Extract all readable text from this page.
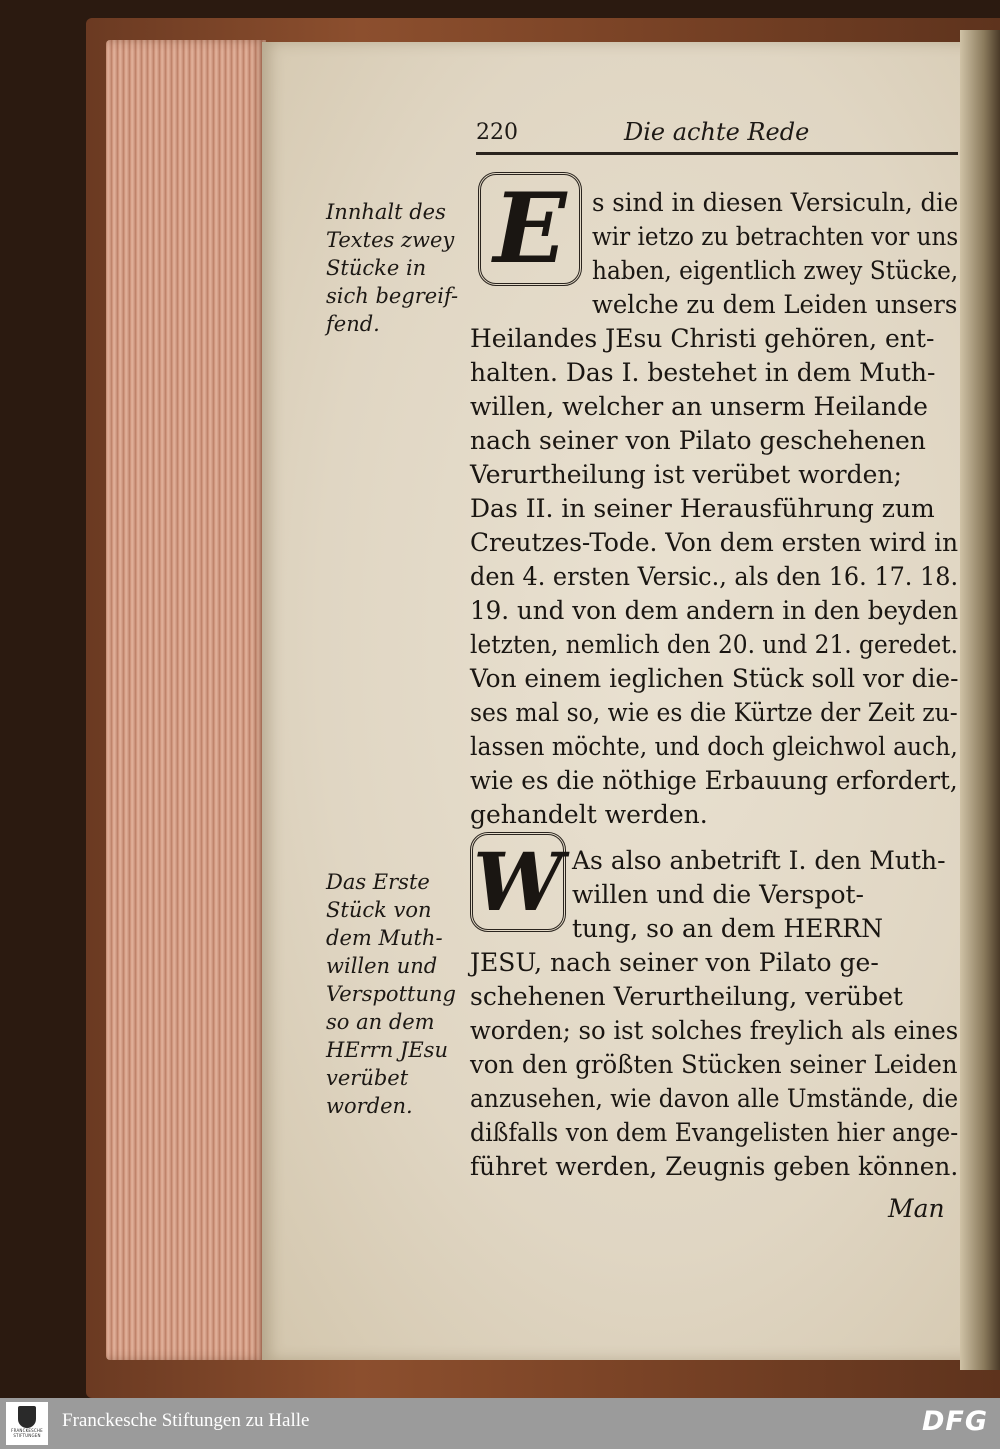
220	Die achte Rede
Innhalt des
Textes zwey
Stücke in
sich begreif-
fend.
Das Erste
Stück von
dem Muth-
willen und
Verspottung
so an dem
HErrn JEsu
verübet
worden.
E	s sind in diesen Versiculn, die
wir ietzo zu betrachten vor uns
haben, eigentlich zwey Stücke,
welche zu dem Leiden unsers
Heilandes JEsu Christi gehören, ent-
halten. Das I. bestehet in dem Muth-
willen, welcher an unserm Heilande
nach seiner von Pilato geschehenen
Verurtheilung ist verübet worden;
Das II. in seiner Herausführung zum
Creutzes-Tode. Von dem ersten wird in
den 4. ersten Versic., als den 16. 17. 18.
19. und von dem andern in den beyden
letzten, nemlich den 20. und 21. geredet.
Von einem ieglichen Stück soll vor die-
ses mal so, wie es die Kürtze der Zeit zu-
lassen möchte, und doch gleichwol auch,
wie es die nöthige Erbauung erfordert,
gehandelt werden.
W As also anbetrift I. den Muth-
willen und die Verspot-
tung, so an dem HERRN
JESU, nach seiner von Pilato ge-
schehenen Verurtheilung, verübet
worden; so ist solches freylich als eines
von den größten Stücken seiner Leiden
anzusehen, wie davon alle Umstände, die
dißfalls von dem Evangelisten hier ange-
führet werden, Zeugnis geben können.
Man
FRANCKESCHE STIFTUNGEN
Franckesche Stiftungen zu Halle	DFG
